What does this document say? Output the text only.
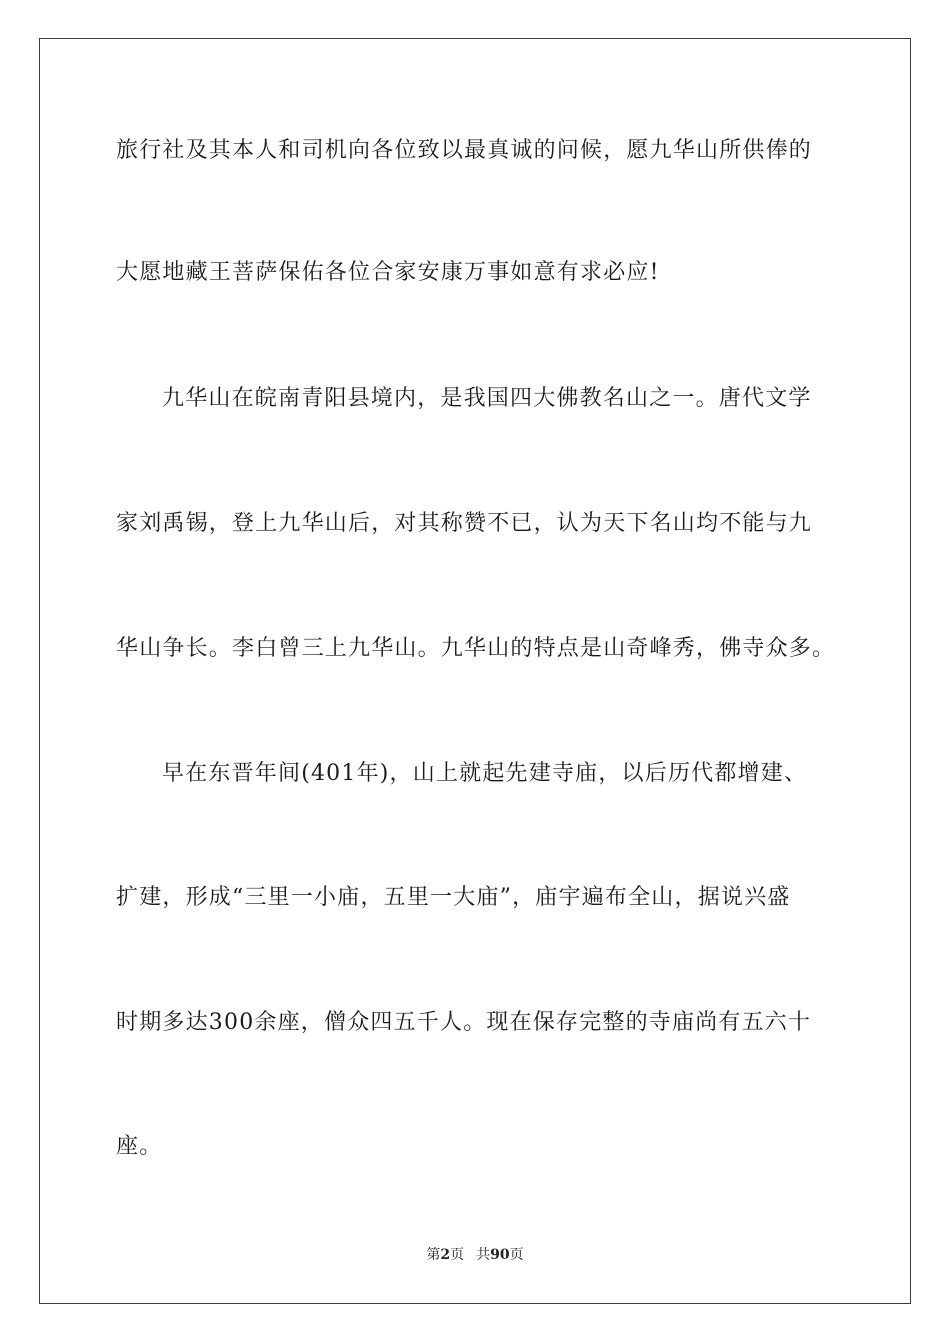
旅行社及其本人和司机向各位致以最真诚的问候，愿九华山所供俸的
大愿地藏王菩萨保佑各位合家安康万事如意有求必应!
九华山在皖南青阳县境内，是我国四大佛教名山之一。唐代文学
家刘禹锡，登上九华山后，对其称赞不已，认为天下名山均不能与九
华山争长。李白曾三上九华山。九华山的特点是山奇峰秀，佛寺众多。
早在东晋年间(401年)，山上就起先建寺庙，以后历代都增建、
扩建，形成“三里一小庙，五里一大庙”，庙宇遍布全山，据说兴盛
时期多达300余座，僧众四五千人。现在保存完整的寺庙尚有五六十
座。
第2页 共90页
